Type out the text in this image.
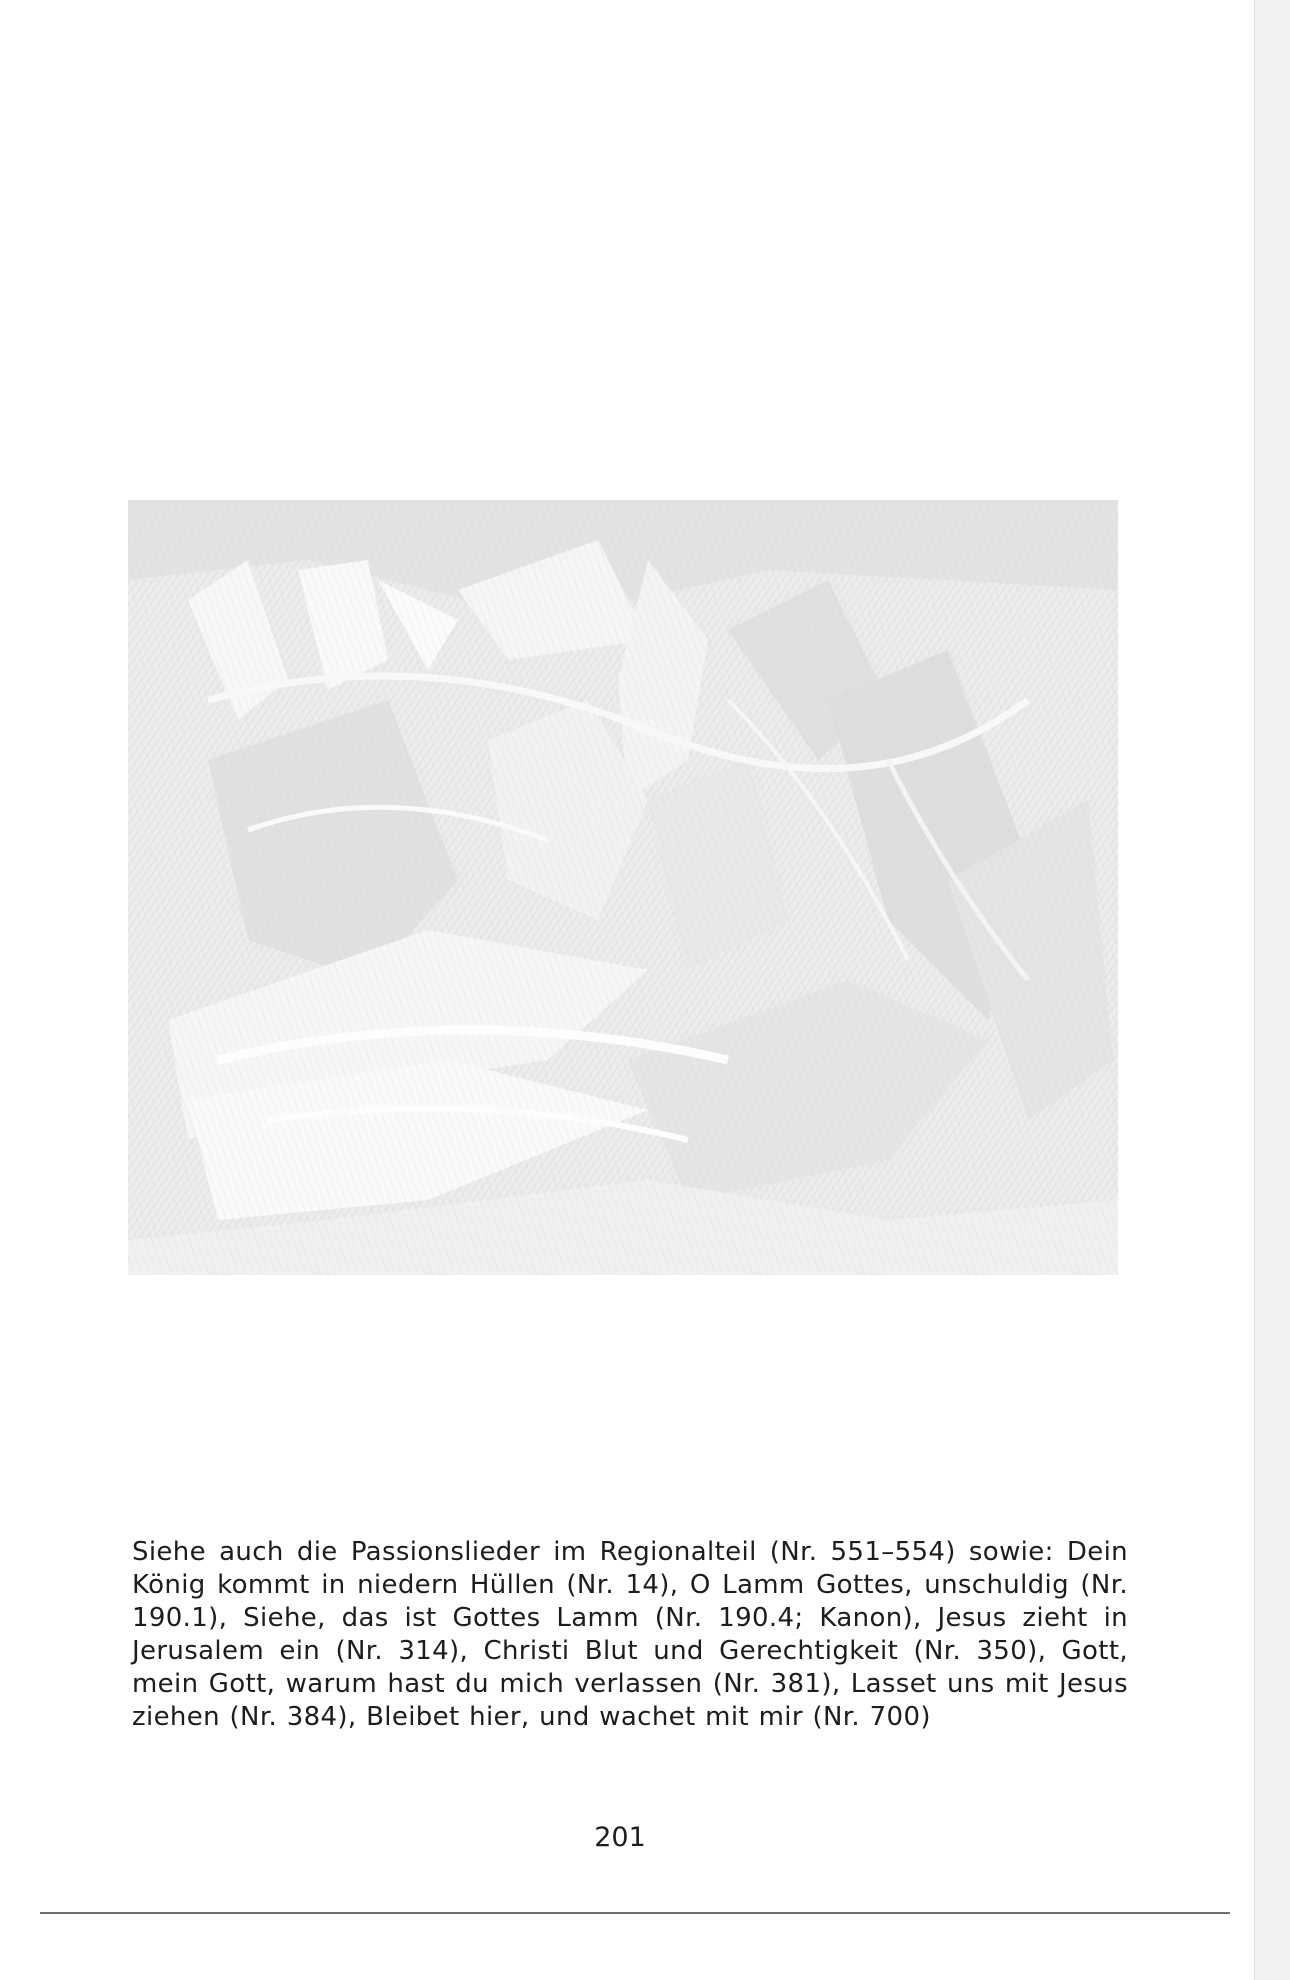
Siehe auch die Passionslieder im Regionalteil (Nr. 551–554) sowie: Dein König kommt in niedern Hüllen (Nr. 14), O Lamm Gottes, unschuldig (Nr. 190.1), Siehe, das ist Gottes Lamm (Nr. 190.4; Kanon), Jesus zieht in Jerusalem ein (Nr. 314), Christi Blut und Gerechtigkeit (Nr. 350), Gott, mein Gott, warum hast du mich verlassen (Nr. 381), Lasset uns mit Jesus ziehen (Nr. 384), Bleibet hier, und wachet mit mir (Nr. 700)

201
